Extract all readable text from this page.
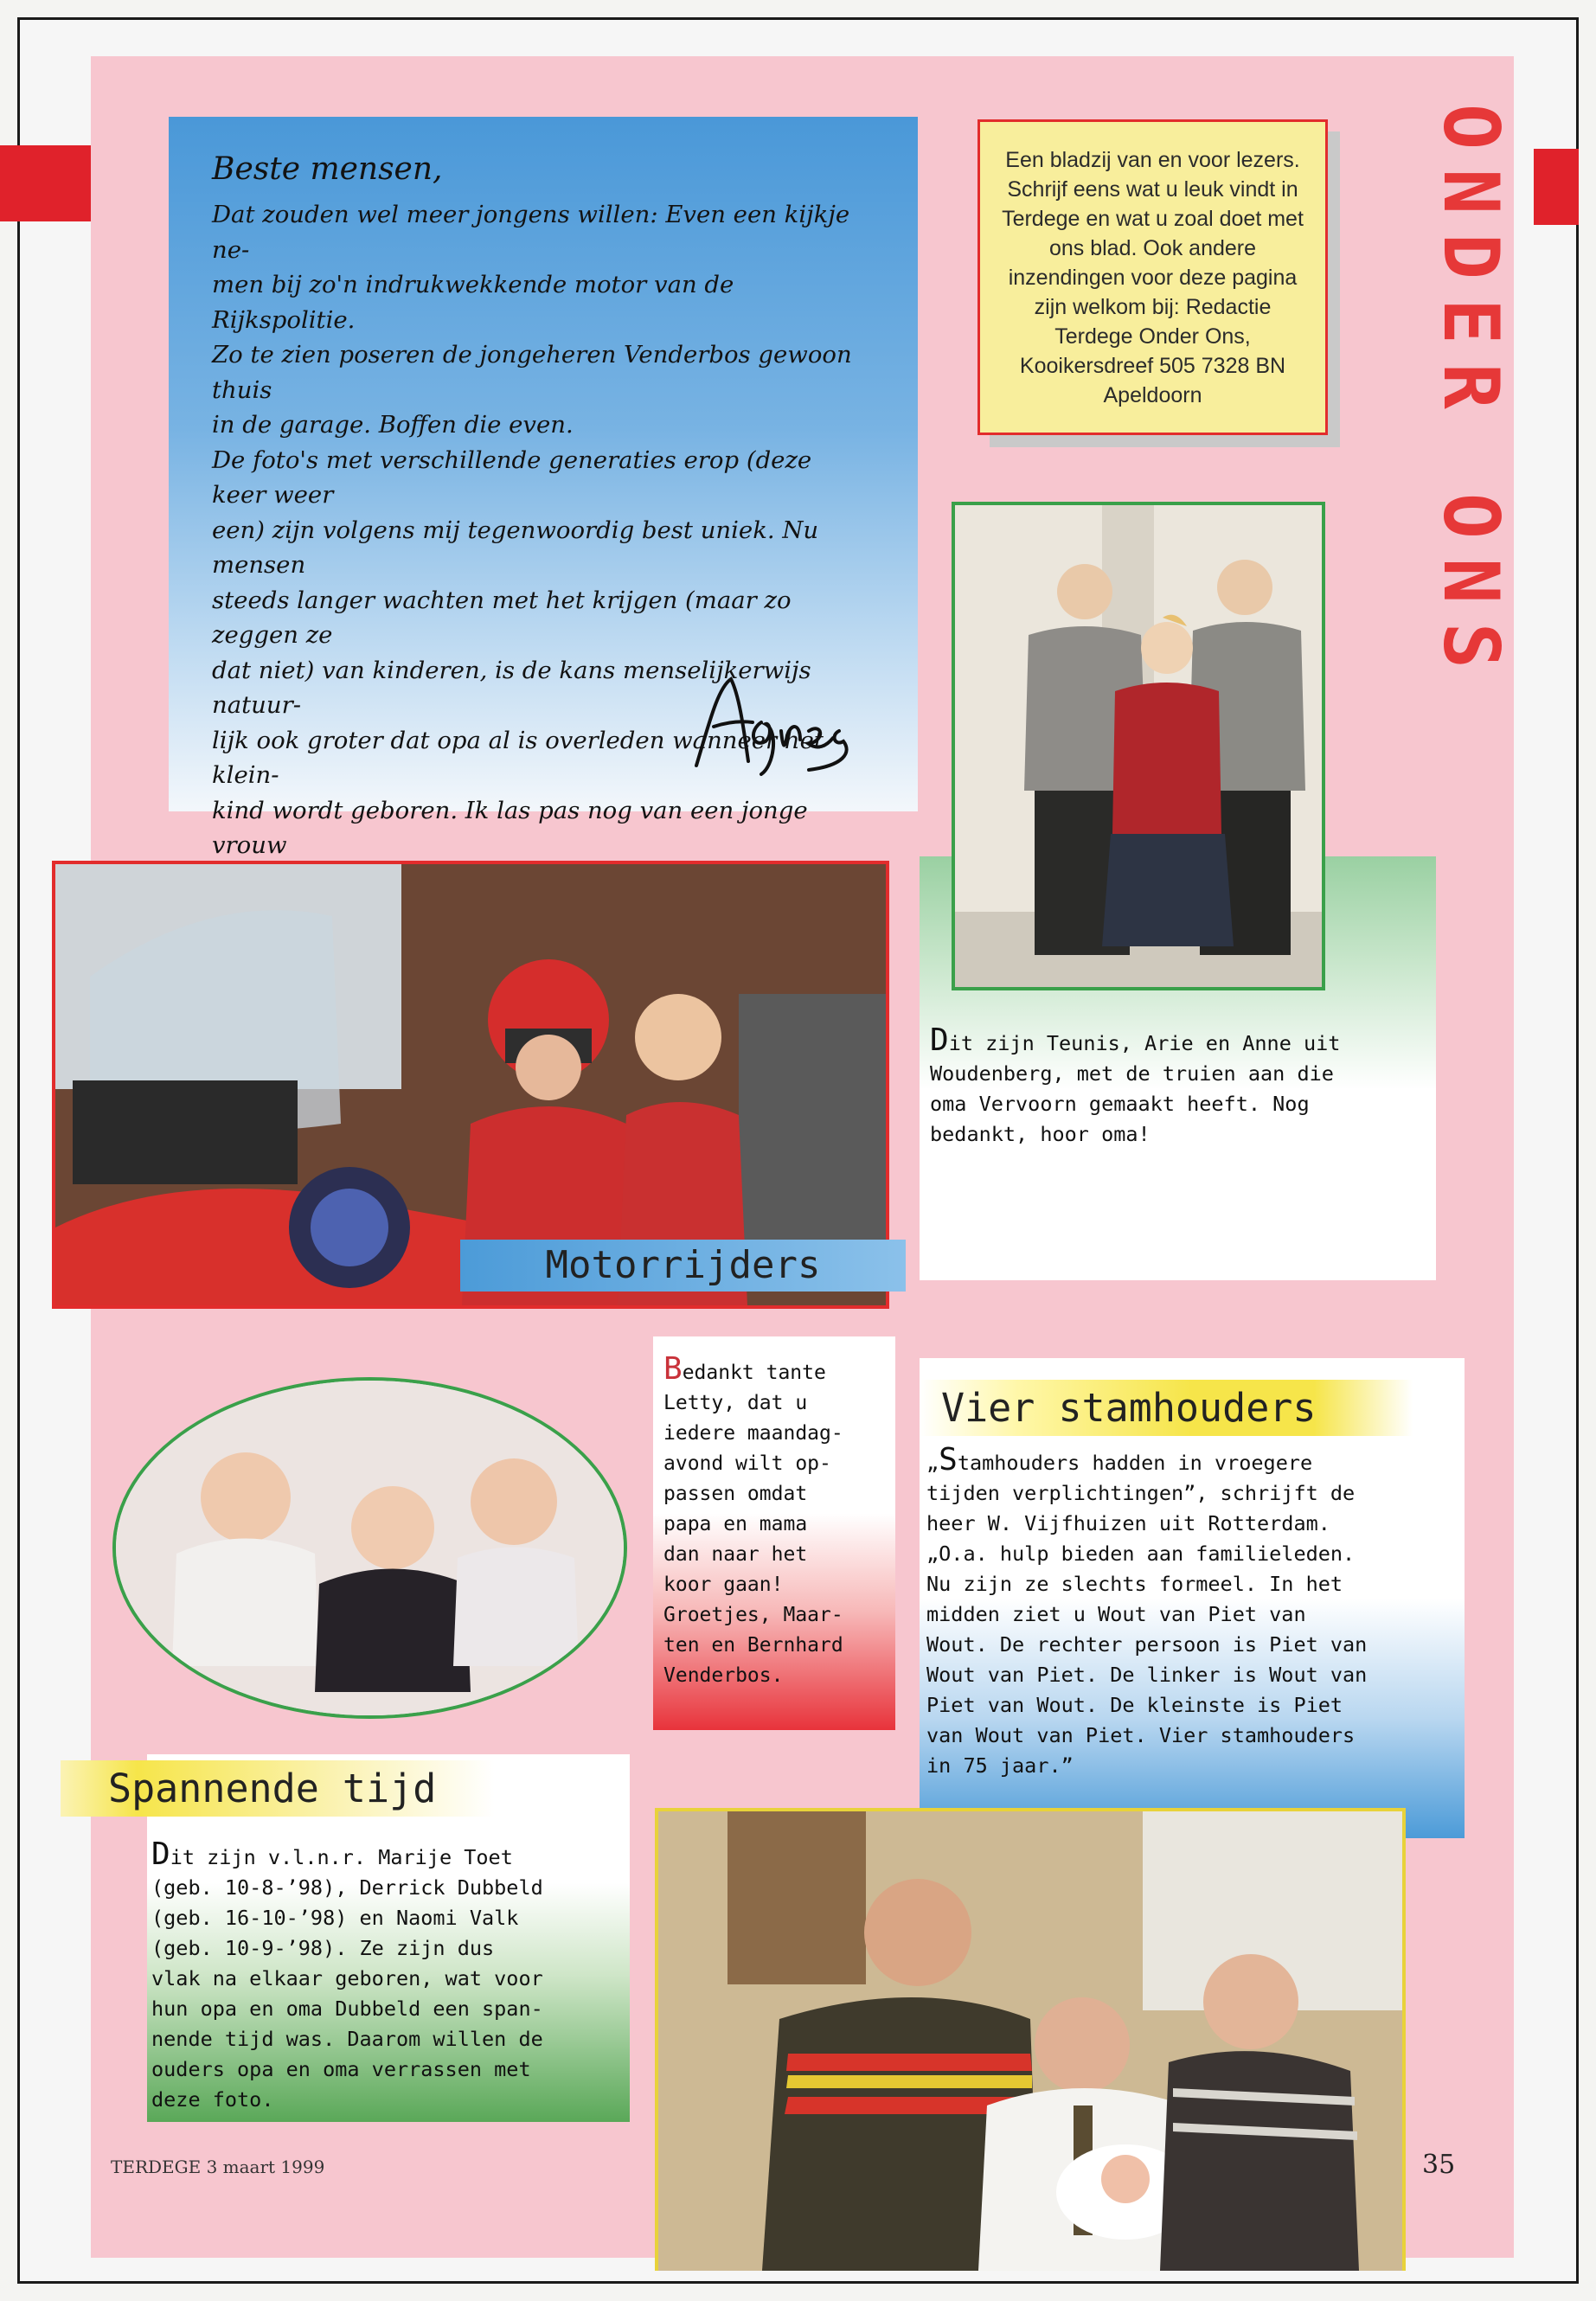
ONDER ONS

Beste mensen,

Dat zouden wel meer jongens willen: Even een kijkje ne-
men bij zo'n indrukwekkende motor van de Rijkspolitie.
Zo te zien poseren de jongeheren Venderbos gewoon thuis
in de garage. Boffen die even.
De foto's met verschillende generaties erop (deze keer weer
een) zijn volgens mij tegenwoordig best uniek. Nu mensen
steeds langer wachten met het krijgen (maar zo zeggen ze
dat niet) van kinderen, is de kans menselijkerwijs natuur-
lijk ook groter dat opa al is overleden wanneer het klein-
kind wordt geboren. Ik las pas nog van een jonge vrouw

Een bladzij van en voor lezers. Schrijf eens wat u leuk vindt in Terdege en wat u zoal doet met ons blad. Ook andere inzendingen voor deze pagina zijn welkom bij: Redactie Terdege Onder Ons, Kooikersdreef 505 7328 BN Apeldoorn

Dit zijn Teunis, Arie en Anne uit
Woudenberg, met de truien aan die
oma Vervoorn gemaakt heeft. Nog
bedankt, hoor oma!

Motorrijders

Bedankt tante
Letty, dat u
iedere maandag-
avond wilt op-
passen omdat
papa en mama
dan naar het
koor gaan!
Groetjes, Maar-
ten en Bernhard
Venderbos.

„Stamhouders hadden in vroegere
tijden verplichtingen”, schrijft de
heer W. Vijfhuizen uit Rotterdam.
„O.a. hulp bieden aan familieleden.
Nu zijn ze slechts formeel. In het
midden ziet u Wout van Piet van
Wout. De rechter persoon is Piet van
Wout van Piet. De linker is Wout van
Piet van Wout. De kleinste is Piet
van Wout van Piet. Vier stamhouders
in 75 jaar.”

Vier stamhouders

Dit zijn v.l.n.r. Marije Toet
(geb. 10-8-’98), Derrick Dubbeld
(geb. 16-10-’98) en Naomi Valk
(geb. 10-9-’98). Ze zijn dus
vlak na elkaar geboren, wat voor
hun opa en oma Dubbeld een span-
nende tijd was. Daarom willen de
ouders opa en oma verrassen met
deze foto.

Spannende tijd
TERDEGE 3 maart 1999	35
